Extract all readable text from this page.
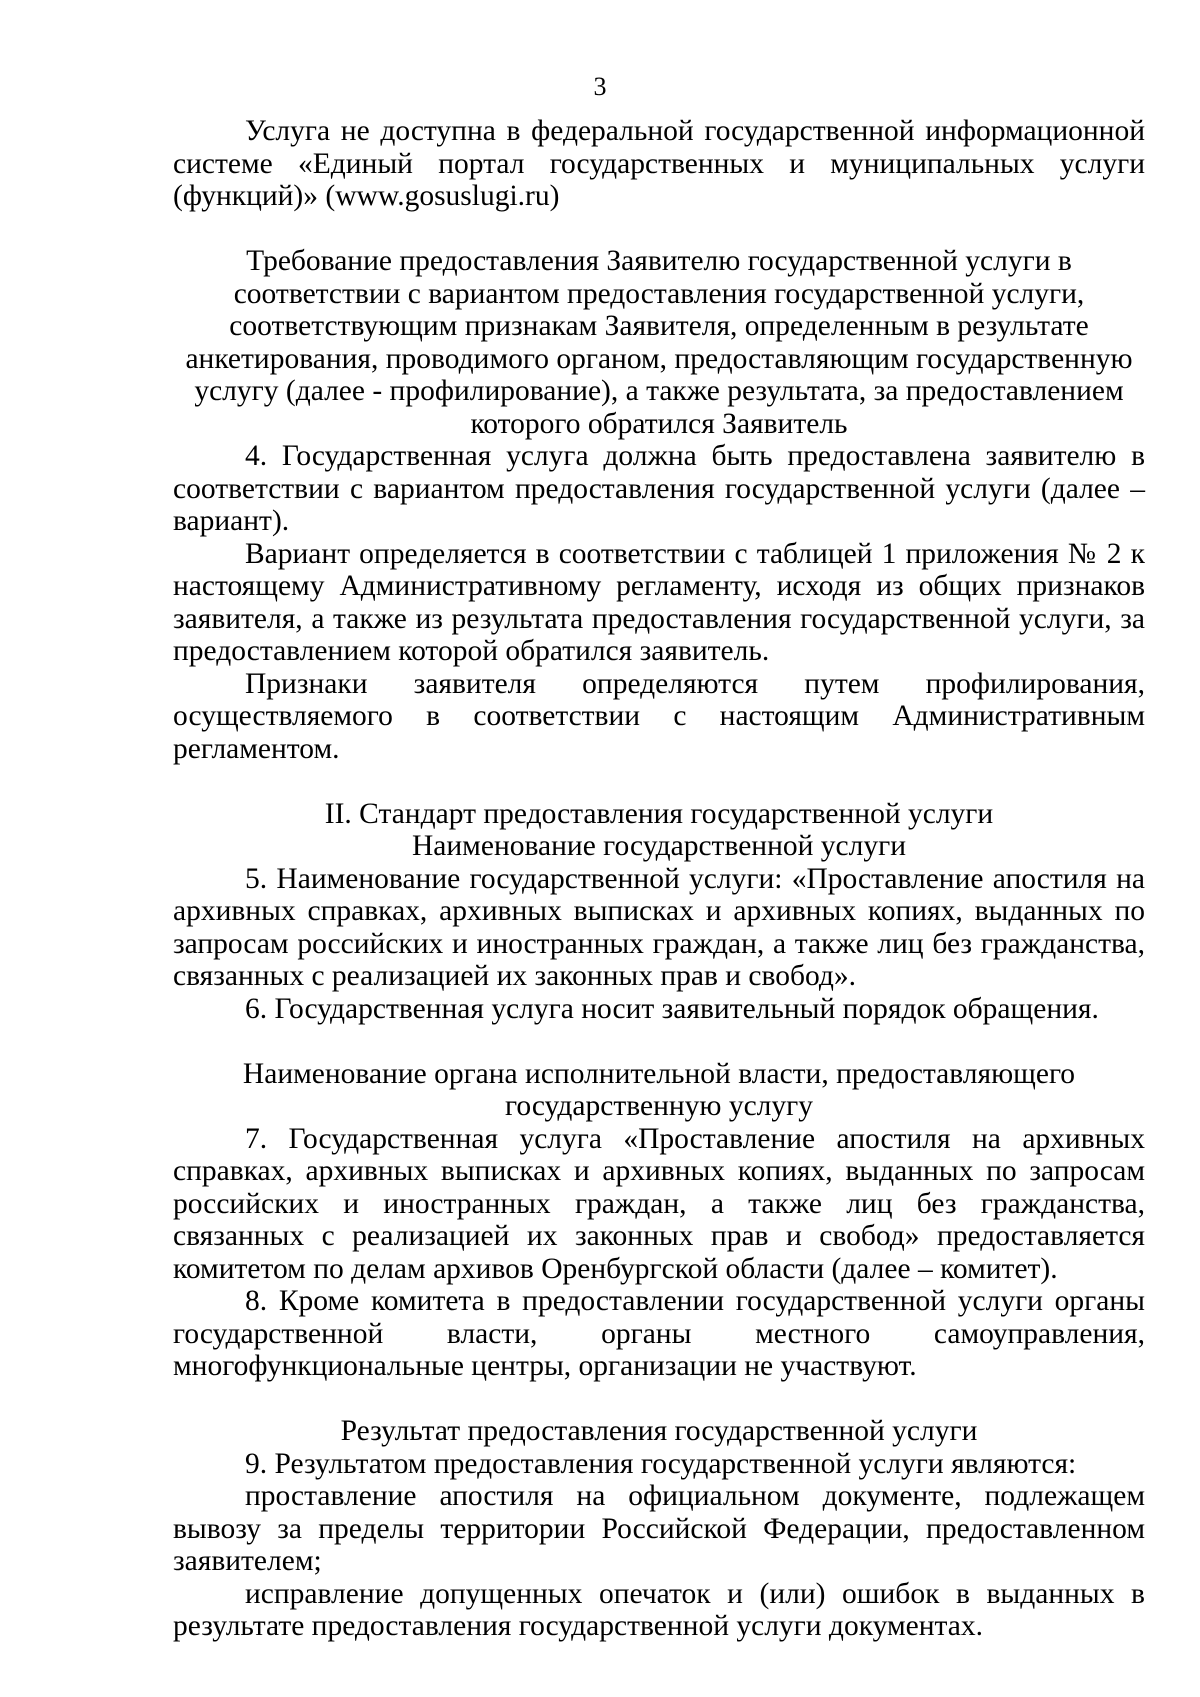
3

Услуга не доступна в федеральной государственной информационной системе «Единый портал государственных и муниципальных услуги (функций)» (www.gosuslugi.ru)

Требование предоставления Заявителю государственной услуги в соответствии с вариантом предоставления государственной услуги, соответствующим признакам Заявителя, определенным в результате анкетирования, проводимого органом, предоставляющим государственную услугу (далее - профилирование), а также результата, за предоставлением которого обратился Заявитель

4. Государственная услуга должна быть предоставлена заявителю в соответствии с вариантом предоставления государственной услуги (далее – вариант).

Вариант определяется в соответствии с таблицей 1 приложения № 2 к настоящему Административному регламенту, исходя из общих признаков заявителя, а также из результата предоставления государственной услуги, за предоставлением которой обратился заявитель.

Признаки заявителя определяются путем профилирования, осуществляемого в соответствии с настоящим Административным регламентом.

II. Стандарт предоставления государственной услуги

Наименование государственной услуги

5. Наименование государственной услуги: «Проставление апостиля на архивных справках, архивных выписках и архивных копиях, выданных по запросам российских и иностранных граждан, а также лиц без гражданства, связанных с реализацией их законных прав и свобод».

6. Государственная услуга носит заявительный порядок обращения.

Наименование органа исполнительной власти, предоставляющего государственную услугу

7. Государственная услуга «Проставление апостиля на архивных справках, архивных выписках и архивных копиях, выданных по запросам российских и иностранных граждан, а также лиц без гражданства, связанных с реализацией их законных прав и свобод» предоставляется комитетом по делам архивов Оренбургской области (далее – комитет).

8. Кроме комитета в предоставлении государственной услуги органы государственной власти, органы местного самоуправления, многофункциональные центры, организации не участвуют.

Результат предоставления государственной услуги

9. Результатом предоставления государственной услуги являются:

проставление апостиля на официальном документе, подлежащем вывозу за пределы территории Российской Федерации, предоставленном заявителем;

исправление допущенных опечаток и (или) ошибок в выданных в результате предоставления государственной услуги документах.
